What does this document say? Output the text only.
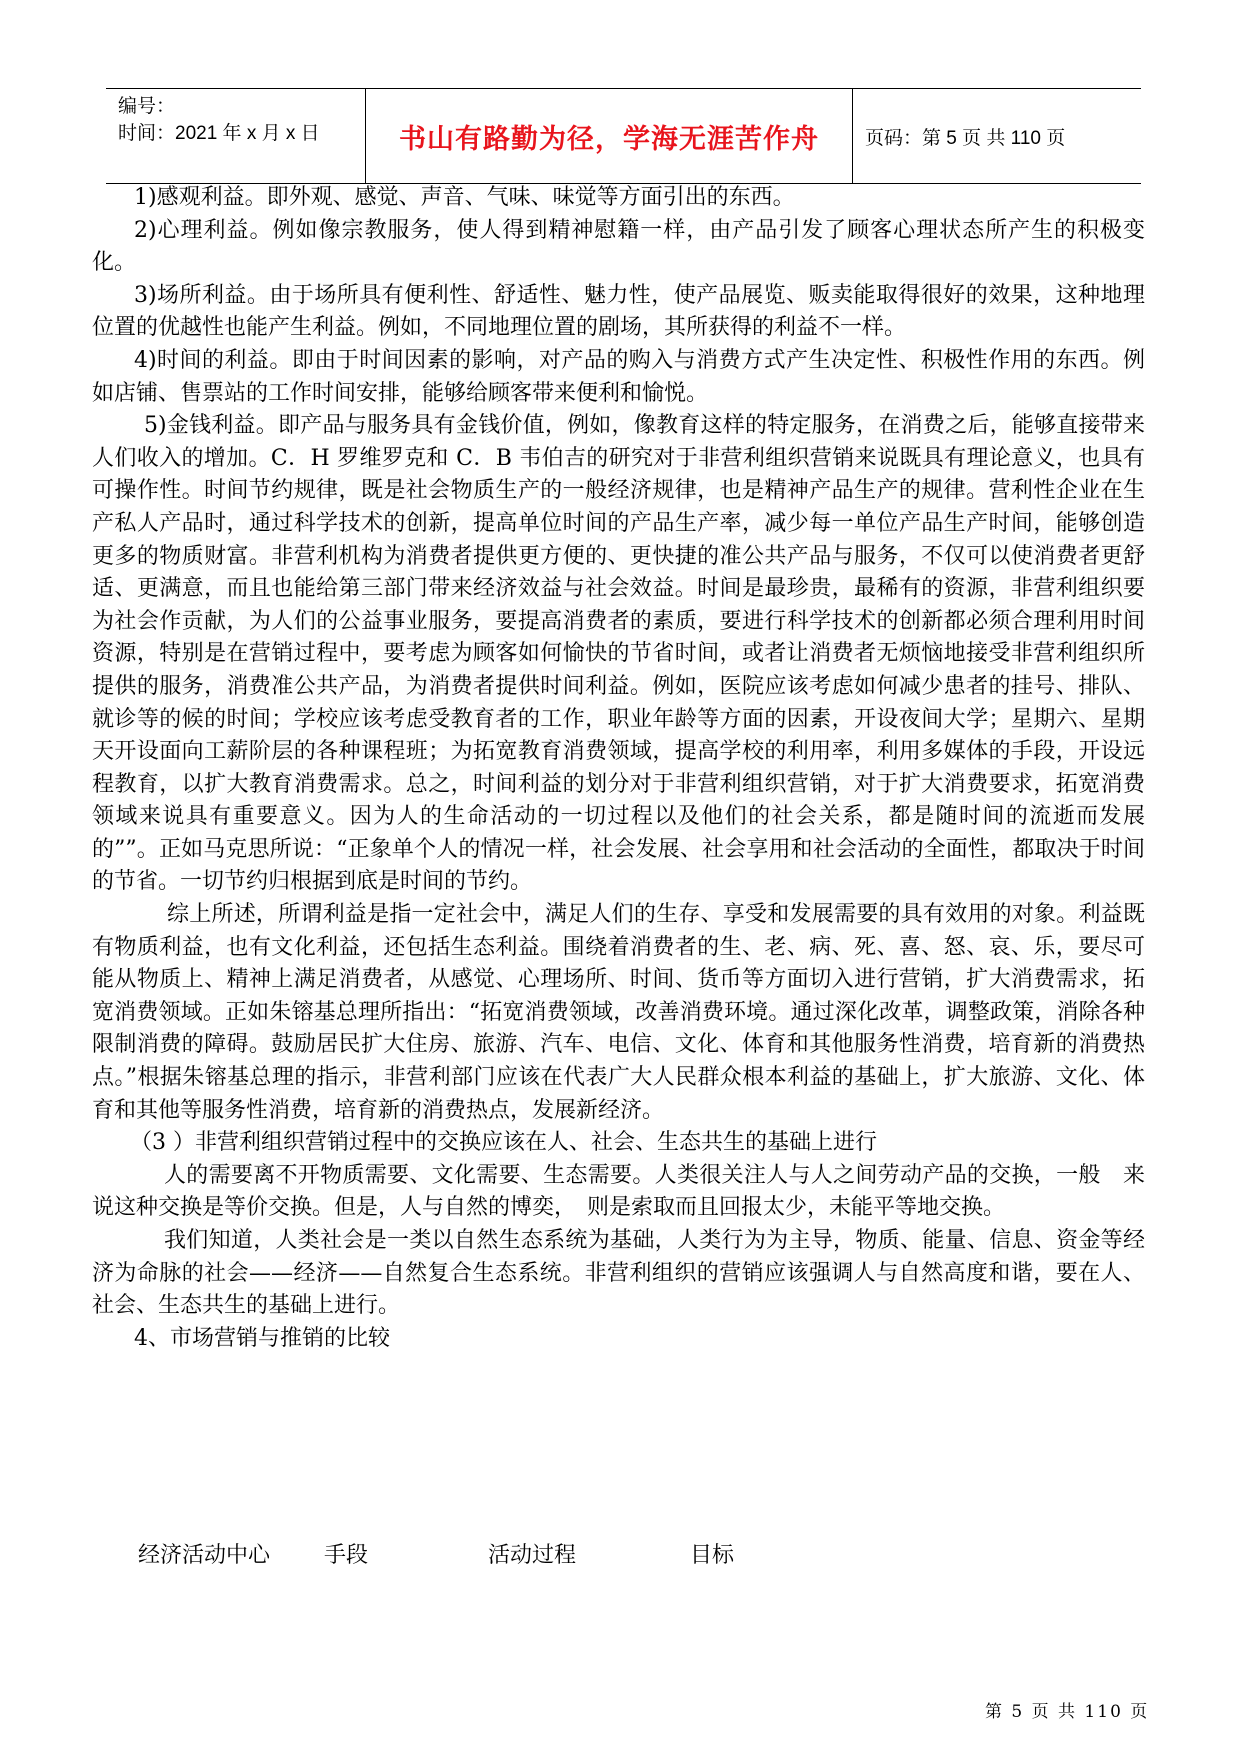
编号：
时间：2021 年 x 月 x 日	书山有路勤为径，学海无涯苦作舟	页码：第 5 页 共 110 页

1)感观利益。即外观、感觉、声音、气味、味觉等方面引出的东西。

2)心理利益。例如像宗教服务，使人得到精神慰籍一样，由产品引发了顾客心理状态所产生的积极变化。

3)场所利益。由于场所具有便利性、舒适性、魅力性，使产品展览、贩卖能取得很好的效果，这种地理位置的优越性也能产生利益。例如，不同地理位置的剧场，其所获得的利益不一样。

4)时间的利益。即由于时间因素的影响，对产品的购入与消费方式产生决定性、积极性作用的东西。例如店铺、售票站的工作时间安排，能够给顾客带来便利和愉悦。

5)金钱利益。即产品与服务具有金钱价值，例如，像教育这样的特定服务，在消费之后，能够直接带来人们收入的增加。C．H 罗维罗克和 C．B 韦伯吉的研究对于非营利组织营销来说既具有理论意义，也具有可操作性。时间节约规律，既是社会物质生产的一般经济规律，也是精神产品生产的规律。营利性企业在生产私人产品时，通过科学技术的创新，提高单位时间的产品生产率，减少每一单位产品生产时间，能够创造更多的物质财富。非营利机构为消费者提供更方便的、更快捷的准公共产品与服务，不仅可以使消费者更舒适、更满意，而且也能给第三部门带来经济效益与社会效益。时间是最珍贵，最稀有的资源，非营利组织要为社会作贡献，为人们的公益事业服务，要提高消费者的素质，要进行科学技术的创新都必须合理利用时间资源，特别是在营销过程中，要考虑为顾客如何愉快的节省时间，或者让消费者无烦恼地接受非营利组织所提供的服务，消费准公共产品，为消费者提供时间利益。例如，医院应该考虑如何减少患者的挂号、排队、就诊等的候的时间；学校应该考虑受教育者的工作，职业年龄等方面的因素，开设夜间大学；星期六、星期天开设面向工薪阶层的各种课程班；为拓宽教育消费领域，提高学校的利用率，利用多媒体的手段，开设远程教育，以扩大教育消费需求。总之，时间利益的划分对于非营利组织营销，对于扩大消费要求，拓宽消费领域来说具有重要意义。因为人的生命活动的一切过程以及他们的社会关系，都是随时间的流逝而发展的””。正如马克思所说：“正象单个人的情况一样，社会发展、社会享用和社会活动的全面性，都取决于时间的节省。一切节约归根据到底是时间的节约。

综上所述，所谓利益是指一定社会中，满足人们的生存、享受和发展需要的具有效用的对象。利益既有物质利益，也有文化利益，还包括生态利益。围绕着消费者的生、老、病、死、喜、怒、哀、乐，要尽可能从物质上、精神上满足消费者，从感觉、心理场所、时间、货币等方面切入进行营销，扩大消费需求，拓宽消费领域。正如朱镕基总理所指出：“拓宽消费领域，改善消费环境。通过深化改革，调整政策，消除各种限制消费的障碍。鼓励居民扩大住房、旅游、汽车、电信、文化、体育和其他服务性消费，培育新的消费热点。”根据朱镕基总理的指示，非营利部门应该在代表广大人民群众根本利益的基础上，扩大旅游、文化、体育和其他等服务性消费，培育新的消费热点，发展新经济。

（3 ）非营利组织营销过程中的交换应该在人、社会、生态共生的基础上进行

人的需要离不开物质需要、文化需要、生态需要。人类很关注人与人之间劳动产品的交换，一般　来说这种交换是等价交换。但是，人与自然的博奕，　则是索取而且回报太少，未能平等地交换。

我们知道，人类社会是一类以自然生态系统为基础，人类行为为主导，物质、能量、信息、资金等经济为命脉的社会——经济——自然复合生态系统。非营利组织的营销应该强调人与自然高度和谐，要在人、社会、生态共生的基础上进行。

4、市场营销与推销的比较

经济活动中心 手段	活动过程	目标
第 5 页 共 110 页
